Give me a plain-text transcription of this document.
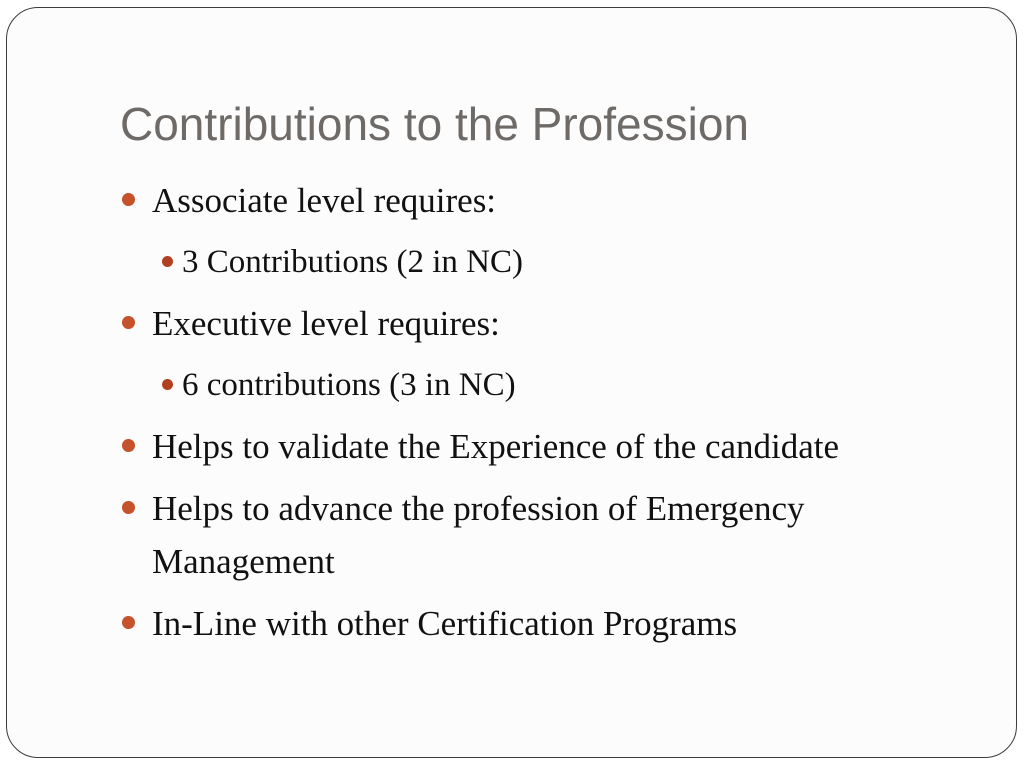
Contributions to the Profession
Associate level requires:
3 Contributions (2 in NC)
Executive level requires:
6 contributions (3 in NC)
Helps to validate the Experience of the candidate
Helps to advance the profession of Emergency Management
In-Line with other Certification Programs
